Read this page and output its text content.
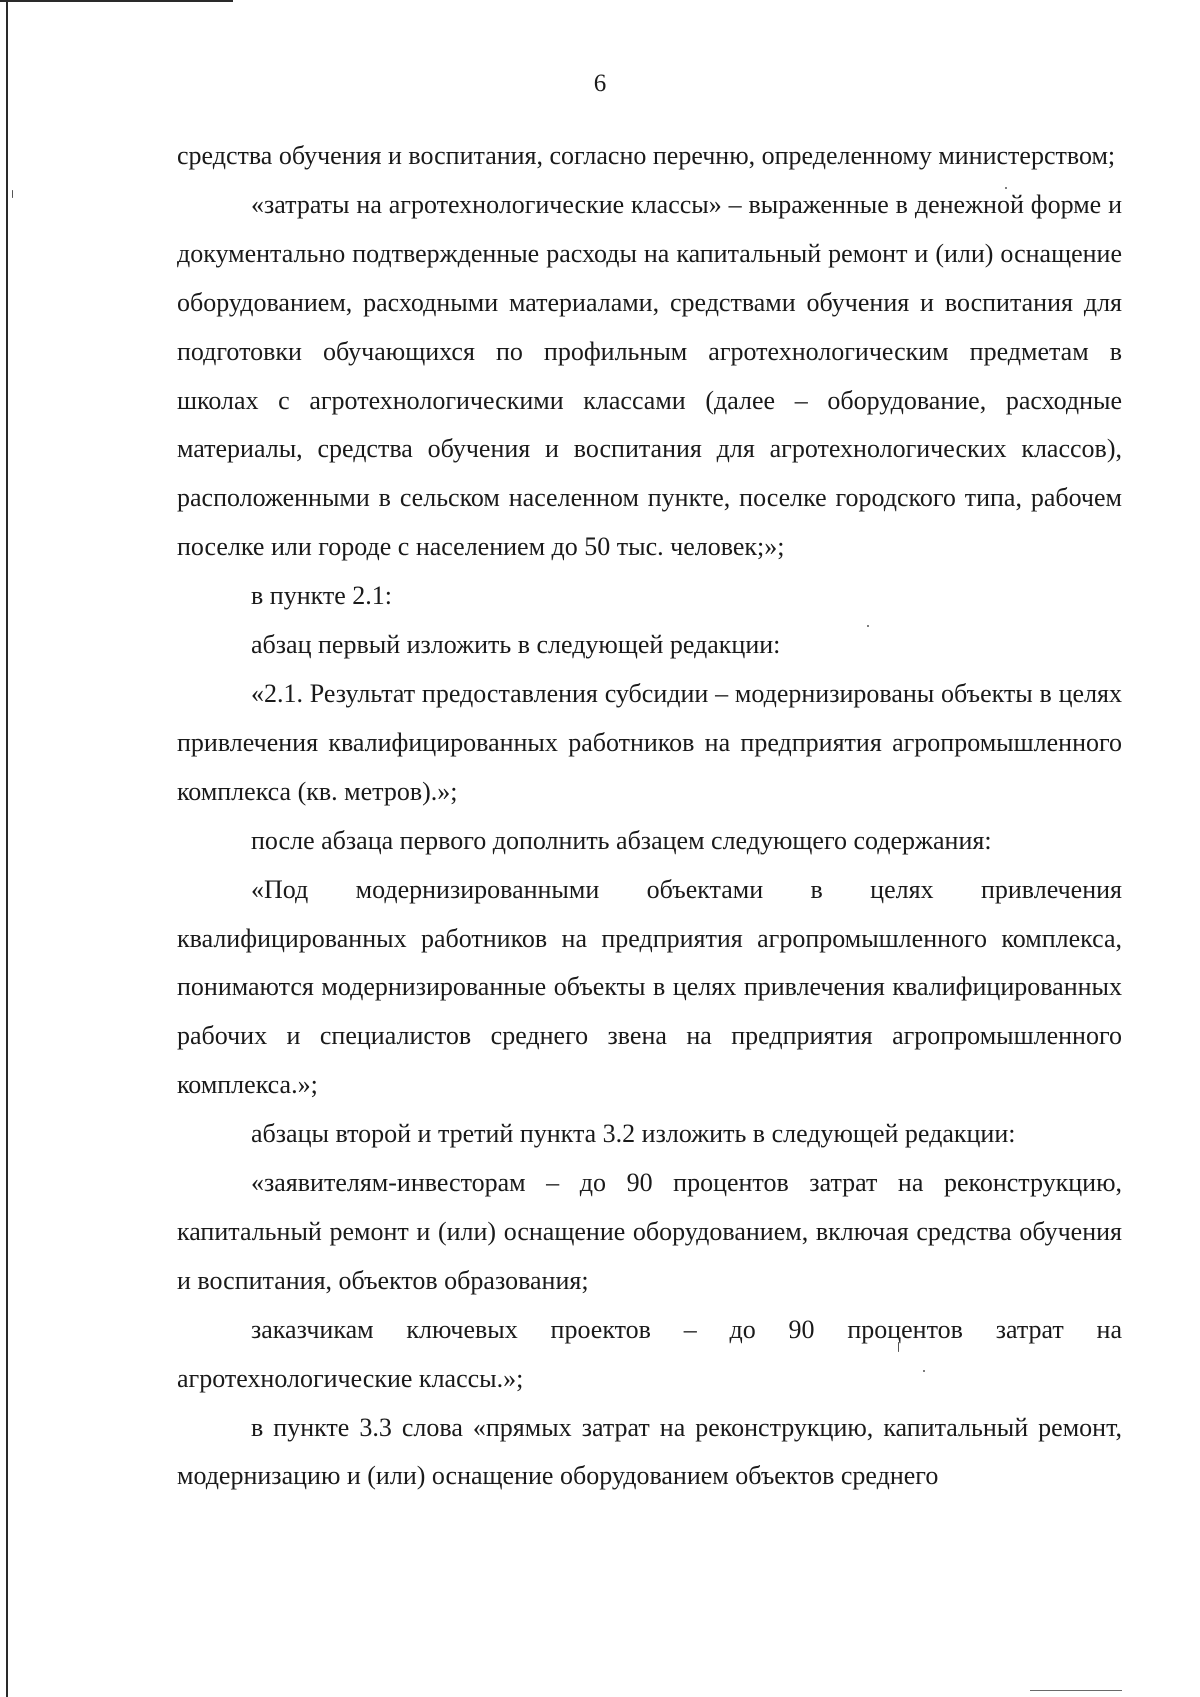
6

средства обучения и воспитания, согласно перечню, определенному министерством;

«затраты на агротехнологические классы» – выраженные в денежной форме и документально подтвержденные расходы на капитальный ремонт и (или) оснащение оборудованием, расходными материалами, средствами обучения и воспитания для подготовки обучающихся по профильным агротехнологическим предметам в школах с агротехнологическими классами (далее – оборудование, расходные материалы, средства обучения и воспитания для агротехнологических классов), расположенными в сельском населенном пункте, поселке городского типа, рабочем поселке или городе с населением до 50 тыс. человек;»;

в пункте 2.1:

абзац первый изложить в следующей редакции:

«2.1. Результат предоставления субсидии – модернизированы объекты в целях привлечения квалифицированных работников на предприятия агропромышленного комплекса (кв. метров).»;

после абзаца первого дополнить абзацем следующего содержания:

«Под модернизированными объектами в целях привлечения квалифицированных работников на предприятия агропромышленного комплекса, понимаются модернизированные объекты в целях привлечения квалифицированных рабочих и специалистов среднего звена на предприятия агропромышленного комплекса.»;

абзацы второй и третий пункта 3.2 изложить в следующей редакции:

«заявителям-инвесторам – до 90 процентов затрат на реконструкцию, капитальный ремонт и (или) оснащение оборудованием, включая средства обучения и воспитания, объектов образования;

заказчикам ключевых проектов – до 90 процентов затрат на агротехнологические классы.»;

в пункте 3.3 слова «прямых затрат на реконструкцию, капитальный ремонт, модернизацию и (или) оснащение оборудованием объектов среднего
